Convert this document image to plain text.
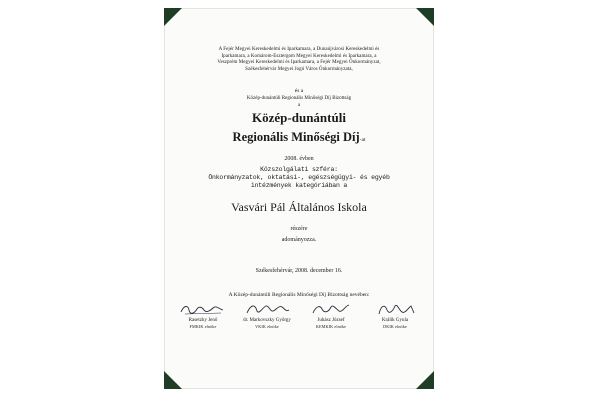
A Fejér Megyei Kereskedelmi és Iparkamara, a Dunaújvárosi Kereskedelmi és
Iparkamara, a Komárom-Esztergom Megyei Kereskedelmi és Iparkamara, a
Veszprém Megyei Kereskedelmi és Iparkamara, a Fejér Megyei Önkormányzat,
Székesfehérvár Megyei Jogú Város Önkormányzata,

és a

Közép-dunántúli Regionális Minőségi Díj Bizottság

a

Közép-dunántúli

Regionális Minőségi Díj-at

2008. évben

Közszolgálati szféra:
Önkormányzatok, oktatási-, egészségügyi- és egyéb
intézmények kategóriában a

Vasvári Pál Általános Iskola

részére

adományozza.

Székesfehérvár, 2008. december 16.

A Közép-dunántúli Regionális Minőségi Díj Bizottság nevében:

Rasetzky Jenő
FMKIK elnöke
dr. Markovszky György
VKIK elnöke
Juhász József
KEMKIK elnöke
Králik Gyula
DKIK elnöke
